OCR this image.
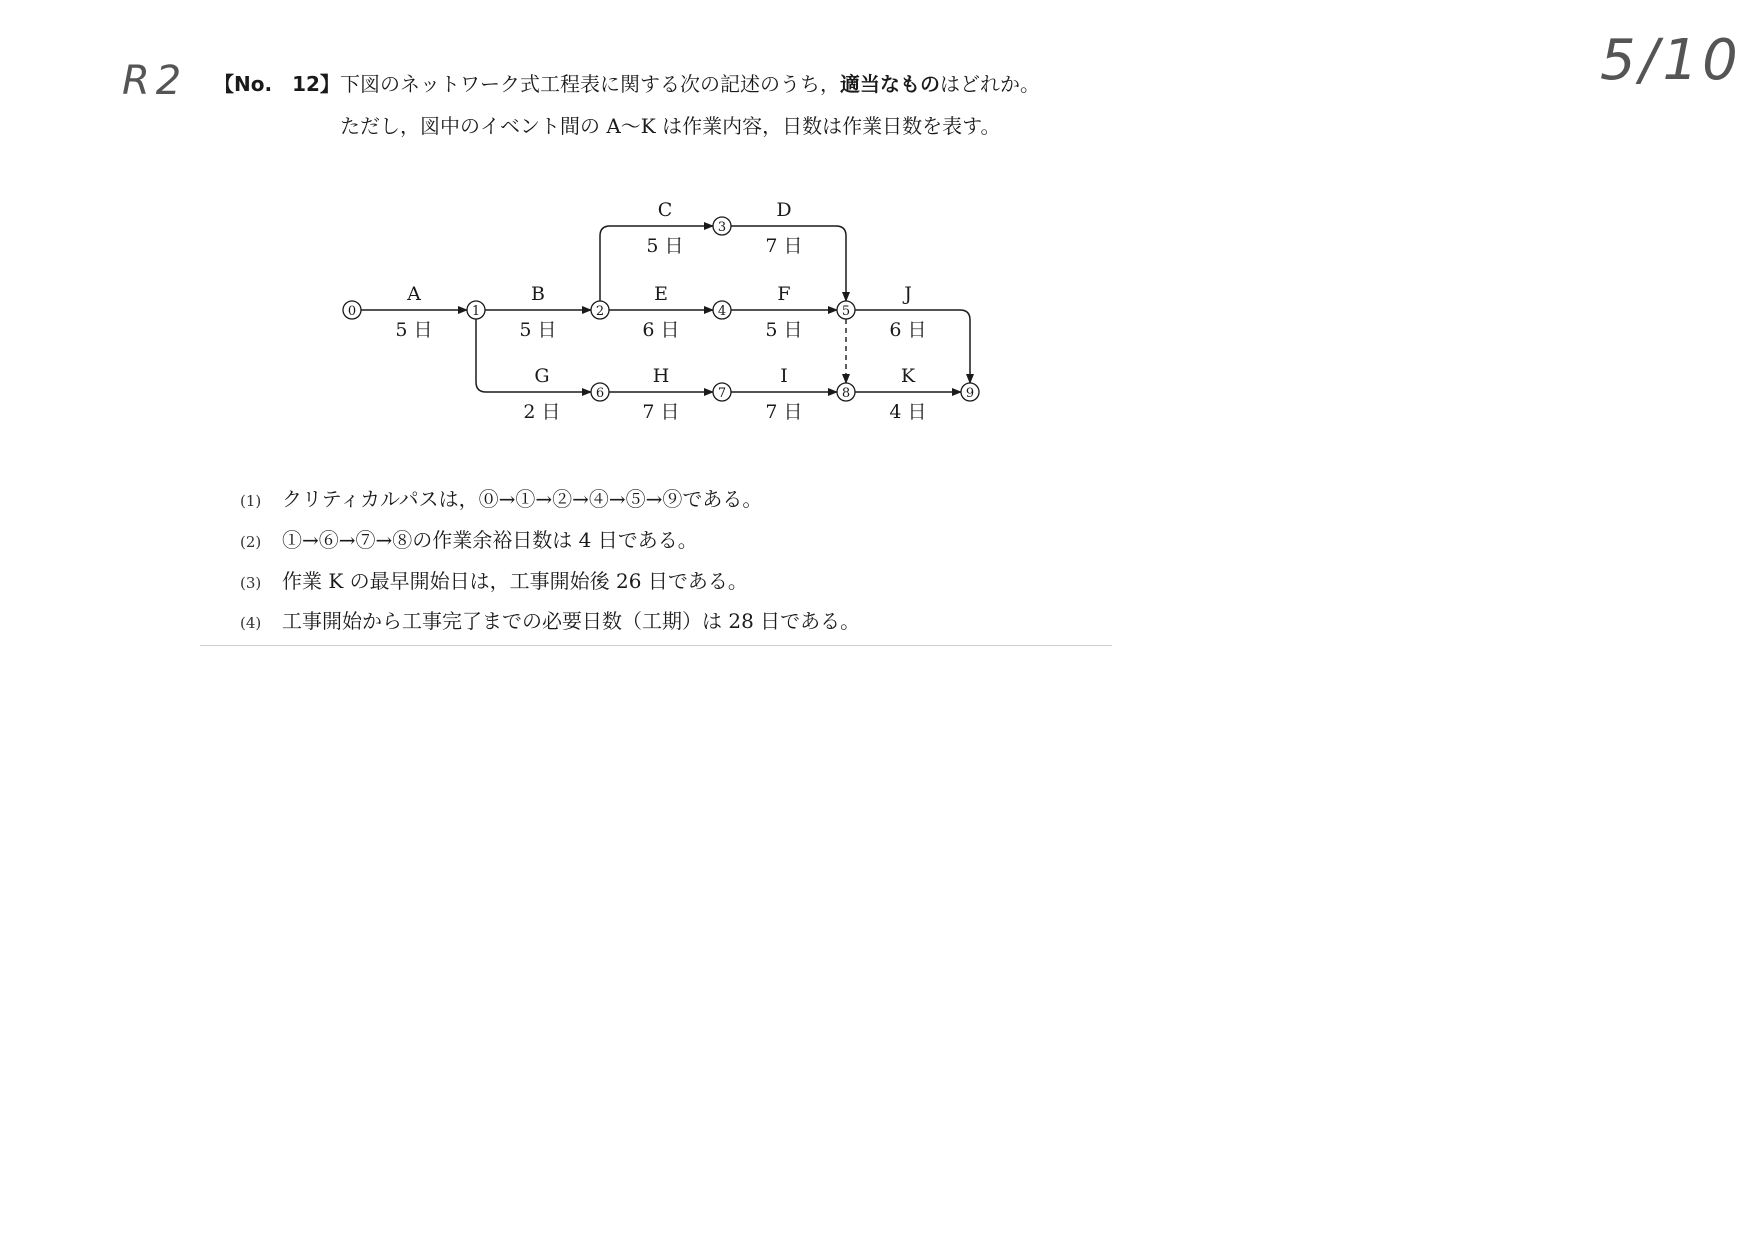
R2	5/10
【No.　12】 下図のネットワーク式工程表に関する次の記述のうち，適当なものはどれか。
ただし，図中のイベント間の A～K は作業内容，日数は作業日数を表す。
0	1	2
3
4	5
6	7	8	9
A
5 日
B
5 日
C
5 日
D
7 日
E
6 日
F
5 日
J
6 日
G
2 日
H
7 日
I
7 日
K
4 日
(1) クリティカルパスは，⓪→①→②→④→⑤→⑨である。
(2) ①→⑥→⑦→⑧の作業余裕日数は 4 日である。
(3) 作業 K の最早開始日は，工事開始後 26 日である。
(4) 工事開始から工事完了までの必要日数（工期）は 28 日である。
